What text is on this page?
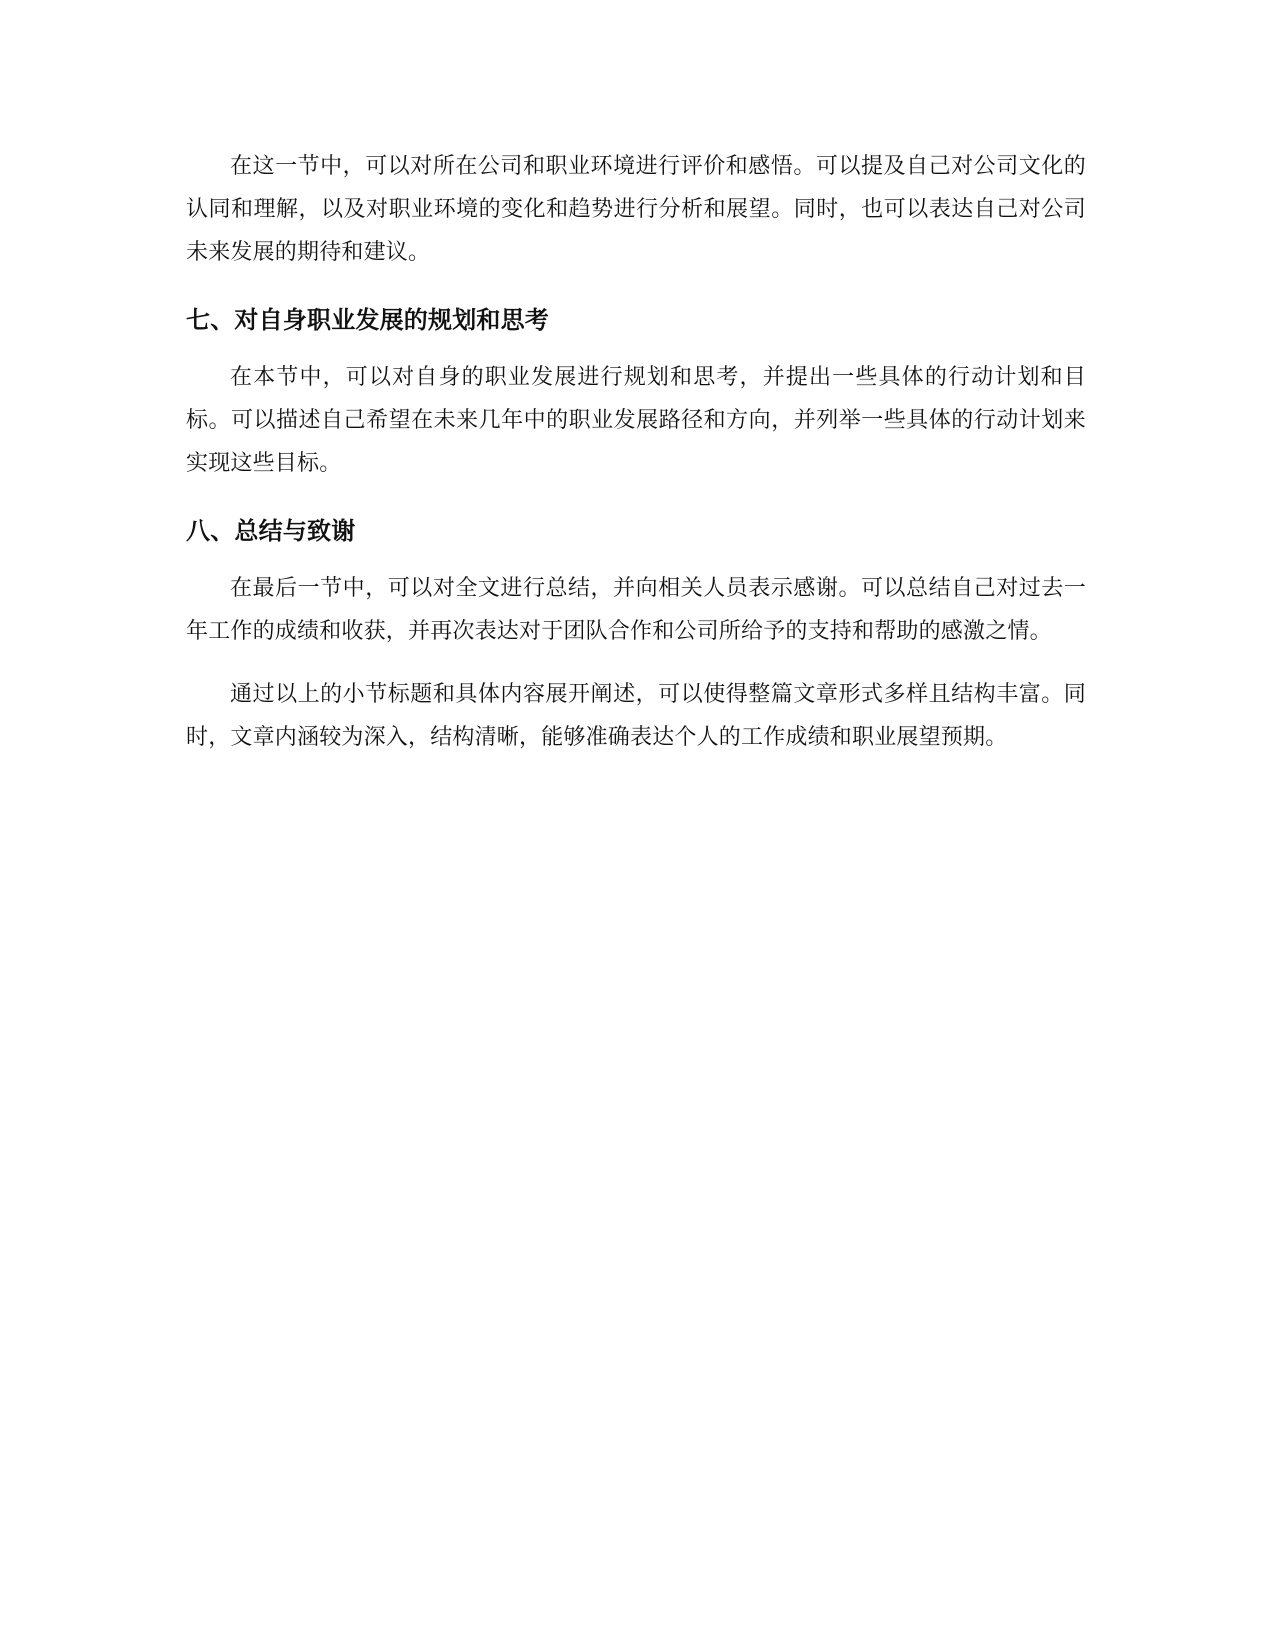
在这一节中，可以对所在公司和职业环境进行评价和感悟。可以提及自己对公司文化的认同和理解，以及对职业环境的变化和趋势进行分析和展望。同时，也可以表达自己对公司未来发展的期待和建议。

七、对自身职业发展的规划和思考

在本节中，可以对自身的职业发展进行规划和思考，并提出一些具体的行动计划和目标。可以描述自己希望在未来几年中的职业发展路径和方向，并列举一些具体的行动计划来实现这些目标。

八、总结与致谢

在最后一节中，可以对全文进行总结，并向相关人员表示感谢。可以总结自己对过去一年工作的成绩和收获，并再次表达对于团队合作和公司所给予的支持和帮助的感激之情。

通过以上的小节标题和具体内容展开阐述，可以使得整篇文章形式多样且结构丰富。同时，文章内涵较为深入，结构清晰，能够准确表达个人的工作成绩和职业展望预期。
